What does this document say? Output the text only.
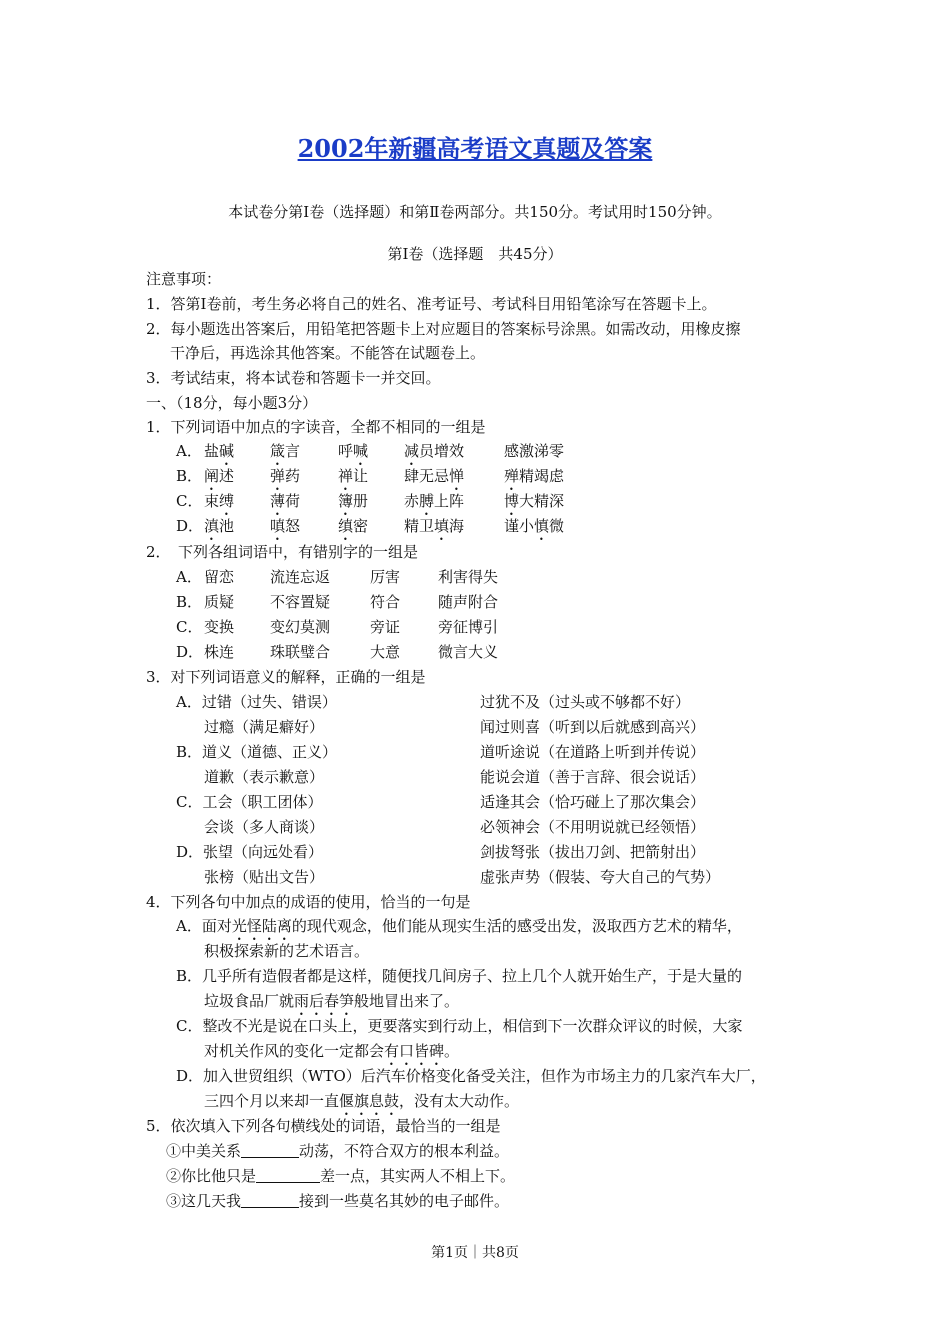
2002年新疆高考语文真题及答案
本试卷分第Ⅰ卷（选择题）和第Ⅱ卷两部分。共150分。考试用时150分钟。
第Ⅰ卷（选择题　共45分）
注意事项：
1．答第Ⅰ卷前，考生务必将自己的姓名、准考证号、考试科目用铅笔涂写在答题卡上。
2．每小题选出答案后，用铅笔把答题卡上对应题目的答案标号涂黑。如需改动，用橡皮擦
干净后，再选涂其他答案。不能答在试题卷上。
3．考试结束，将本试卷和答题卡一并交回。
一、（18分，每小题3分）
1．下列词语中加点的字读音，全都不相同的一组是
A． 盐碱 箴言	呼喊 减员增效	感激涕零
B． 阐述 弹药	禅让 肆无忌惮	殚精竭虑
C． 束缚 薄荷	簿册 赤膊上阵	博大精深
D． 滇池 嗔怒	缜密 精卫填海	谨小慎微
2．　下列各组词语中，有错别字的一组是
A． 留恋 流连忘返	厉害	利害得失
B． 质疑 不容置疑	符合	随声附合
C． 变换 变幻莫测	旁证	旁征博引
D． 株连 珠联璧合	大意	微言大义
3．对下列词语意义的解释，正确的一组是
A．过错（过失、错误）	过犹不及（过头或不够都不好）
过瘾（满足癖好）	闻过则喜（听到以后就感到高兴）
B．道义（道德、正义）	道听途说（在道路上听到并传说）
道歉（表示歉意）	能说会道（善于言辞、很会说话）
C．工会（职工团体）	适逢其会（恰巧碰上了那次集会）
会谈（多人商谈）	必领神会（不用明说就已经领悟）
D．张望（向远处看）	剑拔弩张（拔出刀剑、把箭射出）
张榜（贴出文告）	虚张声势（假装、夸大自己的气势）
4．下列各句中加点的成语的使用，恰当的一句是
A．面对光怪陆离的现代观念，他们能从现实生活的感受出发，汲取西方艺术的精华，
积极探索新的艺术语言。
B．几乎所有造假者都是这样，随便找几间房子、拉上几个人就开始生产，于是大量的
垃圾食品厂就雨后春笋般地冒出来了。
C．整改不光是说在口头上，更要落实到行动上，相信到下一次群众评议的时候，大家
对机关作风的变化一定都会有口皆碑。
D．加入世贸组织（WTO）后汽车价格变化备受关注，但作为市场主力的几家汽车大厂，
三四个月以来却一直偃旗息鼓，没有太大动作。
5．依次填入下列各句横线处的词语，最恰当的一组是
①中美关系	动荡，不符合双方的根本利益。
②你比他只是	差一点，其实两人不相上下。
③这几天我	接到一些莫名其妙的电子邮件。
第1页｜共8页
